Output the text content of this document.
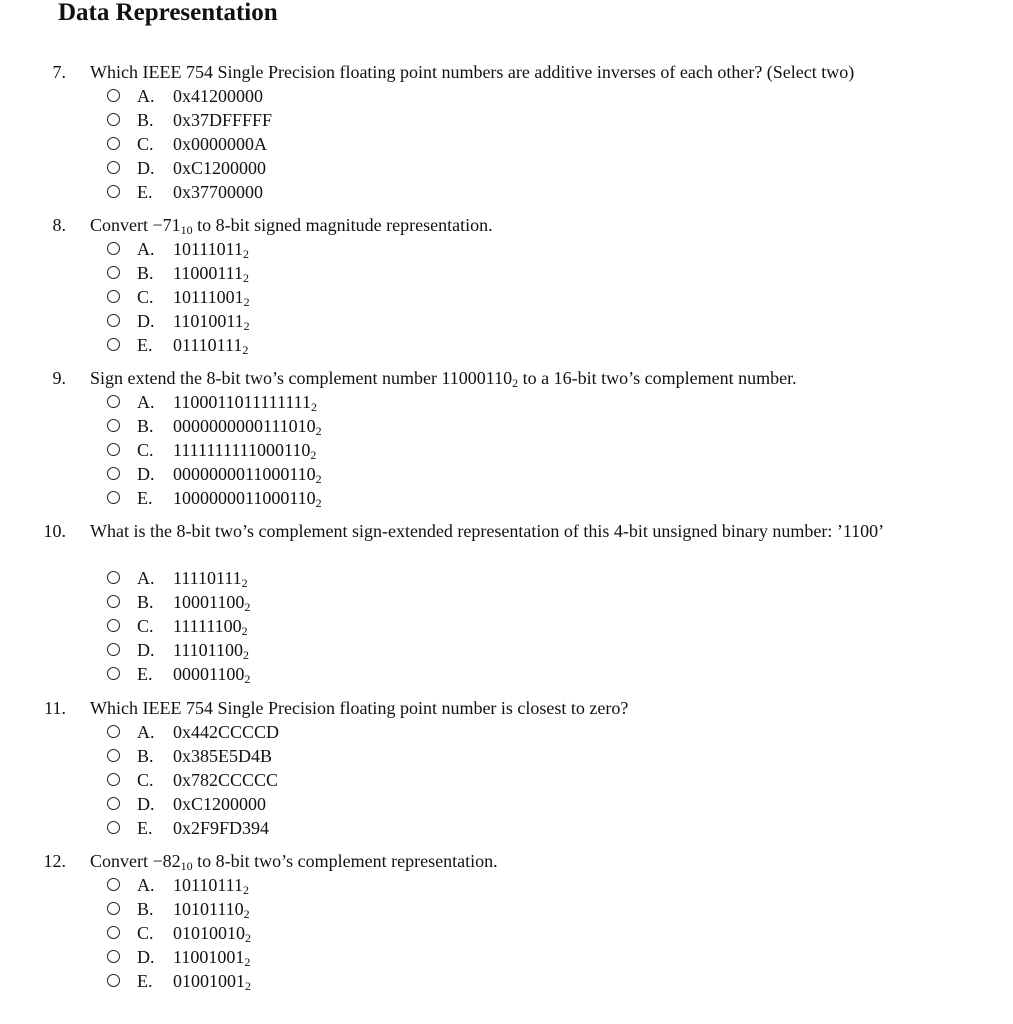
Data Representation
7. Which IEEE 754 Single Precision floating point numbers are additive inverses of each other? (Select two)
A. 0x41200000
B. 0x37DFFFFF
C. 0x0000000A
D. 0xC1200000
E. 0x37700000
8. Convert $-71_{10}$ to 8-bit signed magnitude representation.
A. $10111011_2$
B. $11000111_2$
C. $10111001_2$
D. $11010011_2$
E. $01110111_2$
9. Sign extend the 8-bit two’s complement number $11000110_2$ to a 16-bit two’s complement number.
A. $1100011011111111_2$
B. $0000000000111010_2$
C. $1111111111000110_2$
D. $0000000011000110_2$
E. $1000000011000110_2$
10. What is the 8-bit two’s complement sign-extended representation of this 4-bit unsigned binary number: ’1100’
A. $11110111_2$
B. $10001100_2$
C. $11111100_2$
D. $11101100_2$
E. $00001100_2$
11. Which IEEE 754 Single Precision floating point number is closest to zero?
A. 0x442CCCCD
B. 0x385E5D4B
C. 0x782CCCCC
D. 0xC1200000
E. 0x2F9FD394
12. Convert $-82_{10}$ to 8-bit two’s complement representation.
A. $10110111_2$
B. $10101110_2$
C. $01010010_2$
D. $11001001_2$
E. $01001001_2$
